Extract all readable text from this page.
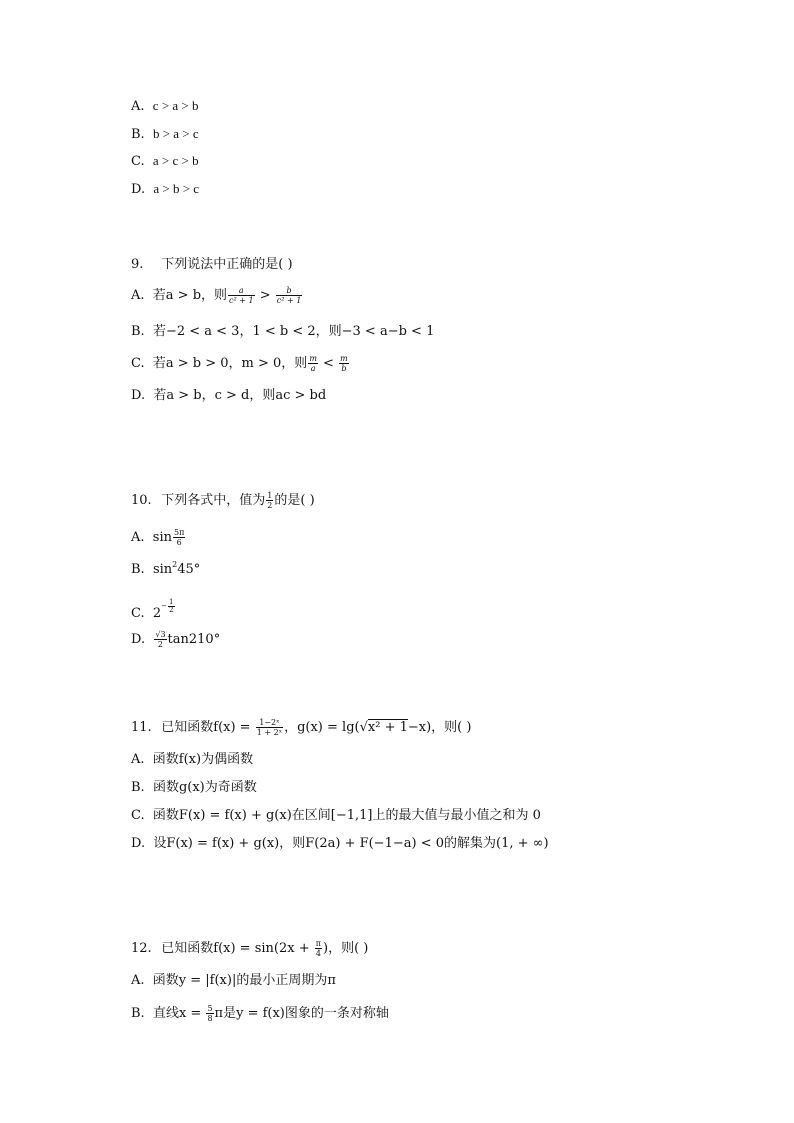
A. c > a > b
B. b > a > c
C. a > c > b
D. a > b > c
9. 下列说法中正确的是( )
A. 若a > b，则 $\frac{a}{\text{c² + 1}} > \frac{b}{\text{c² + 1}}$
B. 若−2 < a < 3，1 < b < 2，则−3 < a−b < 1
C. 若a > b > 0，m > 0，则 $\frac{m}{a} < \frac{m}{b}$
D. 若a > b，c > d，则ac > bd
10. 下列各式中，值为 $\frac{1}{2}$ 的是( )
A. $\sin \frac{5\pi}{6}$
B. $\sin^245^\circ$
C. $2- \frac{1}{2}$
D. $\frac{√3}{2} \tan 210^\circ$
11. 已知函数$f(x) = \frac{\text{1−2ˣ}}{\text{1 + 2ˣ}}$ ，g(x) = lg(√x² + 1−x)，则( )
A. 函数f(x)为偶函数
B. 函数g(x)为奇函数
C. 函数F(x) = f(x) + g(x)在区间[−1,1]上的最大值与最小值之和为 0
D. 设F(x) = f(x) + g(x)，则F(2a) + F(−1−a) < 0的解集为(1, + ∞)
12. 已知函数$f(x) = \sin(2x + \frac{\pi}{4}$ )，则( )
A. 函数y = |f(x)|的最小正周期为π
B. 直线$x = \frac{5}{8}$ π是y = f(x)图象的一条对称轴
